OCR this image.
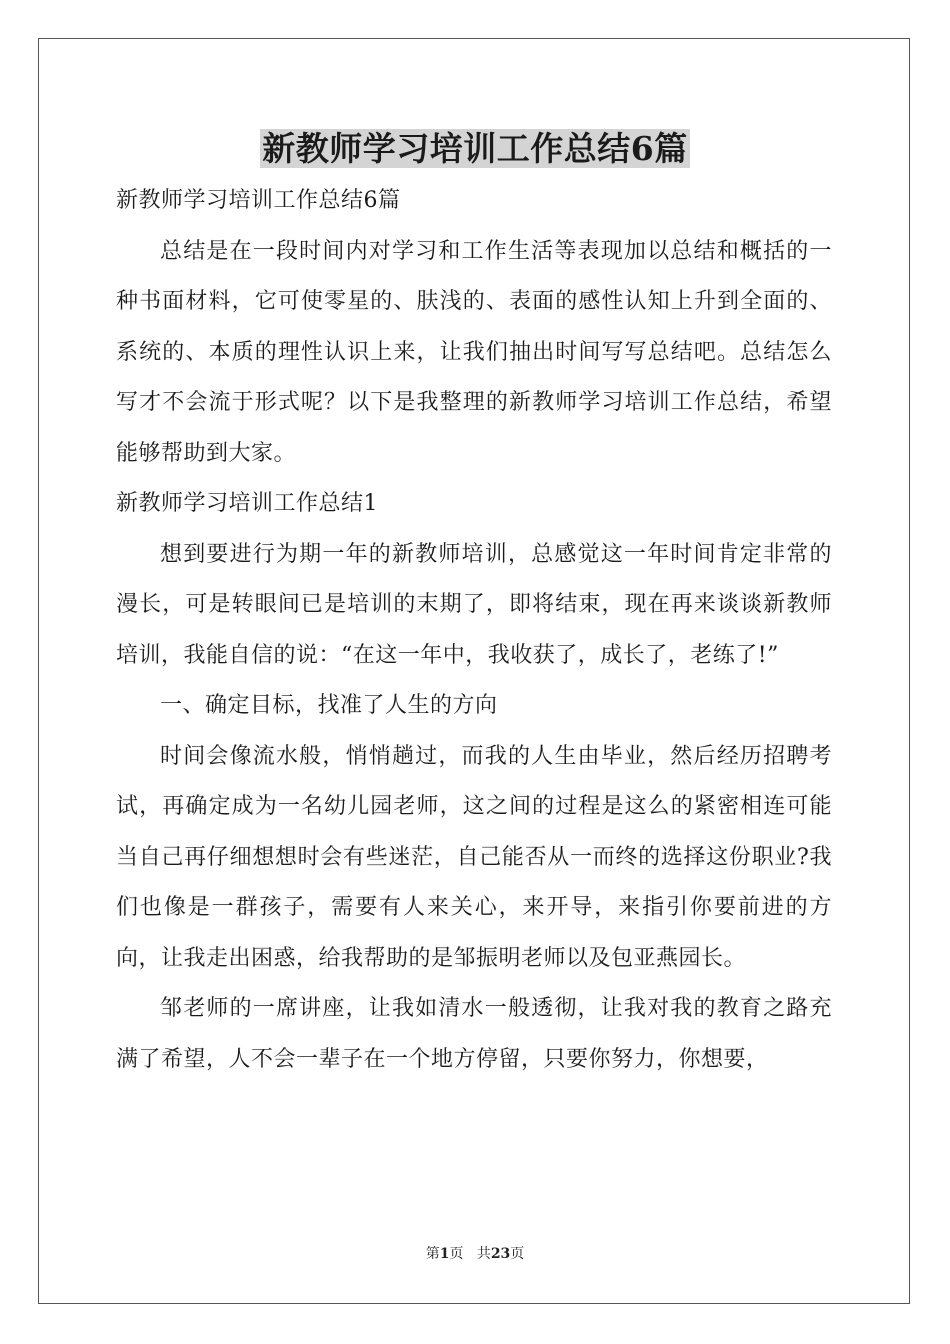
新教师学习培训工作总结6篇

新教师学习培训工作总结6篇

总结是在一段时间内对学习和工作生活等表现加以总结和概括的一种书面材料，它可使零星的、肤浅的、表面的感性认知上升到全面的、系统的、本质的理性认识上来，让我们抽出时间写写总结吧。总结怎么写才不会流于形式呢？以下是我整理的新教师学习培训工作总结，希望能够帮助到大家。

新教师学习培训工作总结1

想到要进行为期一年的新教师培训，总感觉这一年时间肯定非常的漫长，可是转眼间已是培训的末期了，即将结束，现在再来谈谈新教师培训，我能自信的说：“在这一年中，我收获了，成长了，老练了!”

一、确定目标，找准了人生的方向

时间会像流水般，悄悄趟过，而我的人生由毕业，然后经历招聘考试，再确定成为一名幼儿园老师，这之间的过程是这么的紧密相连可能当自己再仔细想想时会有些迷茫，自己能否从一而终的选择这份职业?我们也像是一群孩子，需要有人来关心，来开导，来指引你要前进的方向，让我走出困惑，给我帮助的是邹振明老师以及包亚燕园长。

邹老师的一席讲座，让我如清水一般透彻，让我对我的教育之路充满了希望，人不会一辈子在一个地方停留，只要你努力，你想要，

第1页 共23页
